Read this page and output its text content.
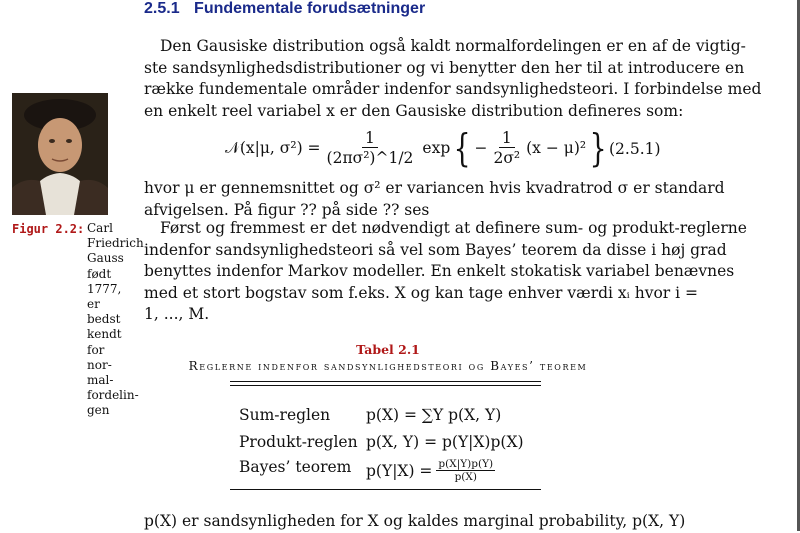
2.5.1 Fundementale forudsætninger
Den Gausiske distribution også kaldt normalfordelingen er en af de vigtig-
ste sandsynlighedsdistributioner og vi benytter den her til at introducere en
række fundementale områder indenfor sandsynlighedsteori. I forbindelse med
en enkelt reel variabel x er den Gausiske distribution defineres som:
𝒩(x|μ, $\sigma^2) = \frac{1}{\text{(2πσ²)\textasciicircum{}1/2}}$ exp { − $\frac{1}{\text{2σ²}} (x - \mu)^2$ } (2.5.1)
Figur 2.2: Carl
Friedrich
Gauss
født
1777,
er
bedst
kendt
for
nor-
mal-
fordelin-
gen
hvor μ er gennemsnittet og σ² er variancen hvis kvadratrod σ er standard
afvigelsen. På figur ?? på side ?? ses
Først og fremmest er det nødvendigt at definere sum- og produkt-reglerne
indenfor sandsynlighedsteori så vel som Bayes’ teorem da disse i høj grad
benyttes indenfor Markov modeller. En enkelt stokatisk variabel benævnes
med et stort bogstav som f.eks. X og kan tage enhver værdi xᵢ hvor i =
1, ..., M.
Tabel 2.1
Reglerne indenfor sandsynlighedsteori og Bayes’ teorem
Sum-reglen p(X) = ∑Y p(X, Y)
Produkt-reglen p(X, Y) = p(Y|X)p(X)
Bayes’ teorem $p(Y|X) = \frac{p(X|Y)p(Y)}{p(X)}$
p(X) er sandsynligheden for X og kaldes marginal probability, p(X, Y)
